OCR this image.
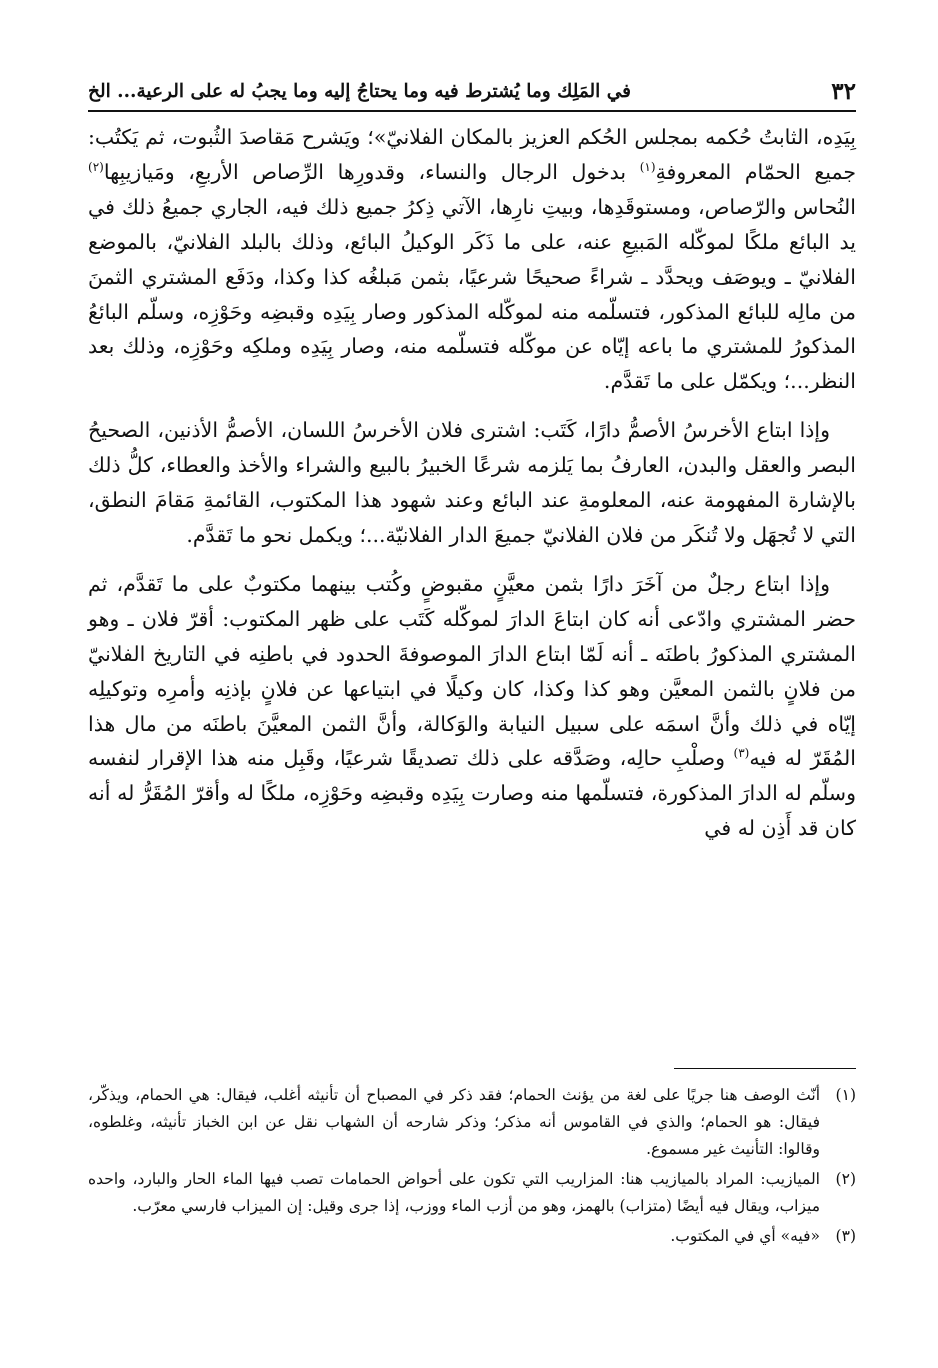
٣٢
في المَلِك وما يُشترط فيه وما يحتاجُ إليه وما يجبُ له على الرعية... الخ

بِيَدِه، الثابتُ حُكمه بمجلس الحُكم العزيز بالمكان الفلانيّ»؛ ويَشرح مَقاصدَ الثُبوت، ثم يَكتُب: جميع الحمّام المعروفةِ$^{(١)}$ بدخول الرجال والنساء، وقدورِها الرِّصاص الأربعِ، ومَيازيبِها$^{(٢)}$ النُحاس والرّصاص، ومستوقَدِها، وبيتِ نارِها، الآتي ذِكرُ جميع ذلك فيه، الجاري جميعُ ذلك في يد البائع ملكًا لموكّله المَبيعِ عنه، على ما ذَكَر الوكيلُ البائع، وذلك بالبلد الفلانيّ، بالموضع الفلانيّ ـ ويوصَف ويحدَّد ـ شراءً صحيحًا شرعيًا، بثمن مَبلغُه كذا وكذا، ودَفَع المشتري الثمنَ من مالِه للبائع المذكور، فتسلّمه منه لموكّله المذكور وصار بِيَدِه وقبضِه وحَوْزِه، وسلّم البائعُ المذكورُ للمشتري ما باعه إيّاه عن موكّله فتسلّمه منه، وصار بِيَدِه وملكِه وحَوْزِه، وذلك بعد النظر...؛ ويكمّل على ما تَقدَّم.

وإذا ابتاع الأخرسُ الأصمُّ دارًا، كَتَب: اشترى فلان الأخرسُ اللسان، الأصمُّ الأذنين، الصحيحُ البصر والعقل والبدن، العارفُ بما يَلزمه شرعًا الخبيرُ بالبيع والشراء والأخذ والعطاء، كلُّ ذلك بالإشارة المفهومة عنه، المعلومةِ عند البائع وعند شهود هذا المكتوب، القائمةِ مَقامَ النطق، التي لا تُجهَل ولا تُنكَر من فلان الفلانيّ جميعَ الدار الفلانيّة...؛ ويكمل نحو ما تَقدَّم.

وإذا ابتاع رجلٌ من آخَرَ دارًا بثمن معيَّنٍ مقبوضٍ وكُتب بينهما مكتوبٌ على ما تَقدَّم، ثم حضر المشتري وادّعى أنه كان ابتاعَ الدارَ لموكّله كَتَب على ظهر المكتوب: أقرّ فلان ـ وهو المشتري المذكورُ باطنَه ـ أنه لَمّا ابتاع الدارَ الموصوفةَ الحدود في باطنِه في التاريخ الفلانيّ من فلانٍ بالثمن المعيَّن وهو كذا وكذا، كان وكيلًا في ابتياعها عن فلانٍ بإذنِه وأمرِه وتوكيلِه إيّاه في ذلك وأنَّ اسمَه على سبيل النيابة والوَكالة، وأنَّ الثمن المعيَّنَ باطنَه من مال هذا المُقَرّ له فيه$^{(٣)}$ وصلْبِ حالِه، وصَدَّقه على ذلك تصديقًا شرعيًا، وقَبِل منه هذا الإقرار لنفسه وسلّم له الدارَ المذكورة، فتسلّمها منه وصارت بِيَدِه وقبضِه وحَوْزِه، ملكًا له وأقرّ المُقَرُّ له أنه كان قد أَذِن له في

(١)
أنّث الوصف هنا جريًا على لغة من يؤنث الحمام؛ فقد ذكر في المصباح أن تأنيثه أغلب، فيقال: هي الحمام، ويذكّر، فيقال: هو الحمام؛ والذي في القاموس أنه مذكر؛ وذكر شارحه أن الشهاب نقل عن ابن الخباز تأنيثه، وغلطوه، وقالوا: التأنيث غير مسموع.
(٢)
الميازيب: المراد بالميازيب هنا: المزاريب التي تكون على أحواض الحمامات تصب فيها الماء الحار والبارد، واحده ميزاب، ويقال فيه أيضًا (متزاب) بالهمز، وهو من أزب الماء ووزب، إذا جرى وقيل: إن الميزاب فارسي معرّب.
(٣)
«فيه» أي في المكتوب.
